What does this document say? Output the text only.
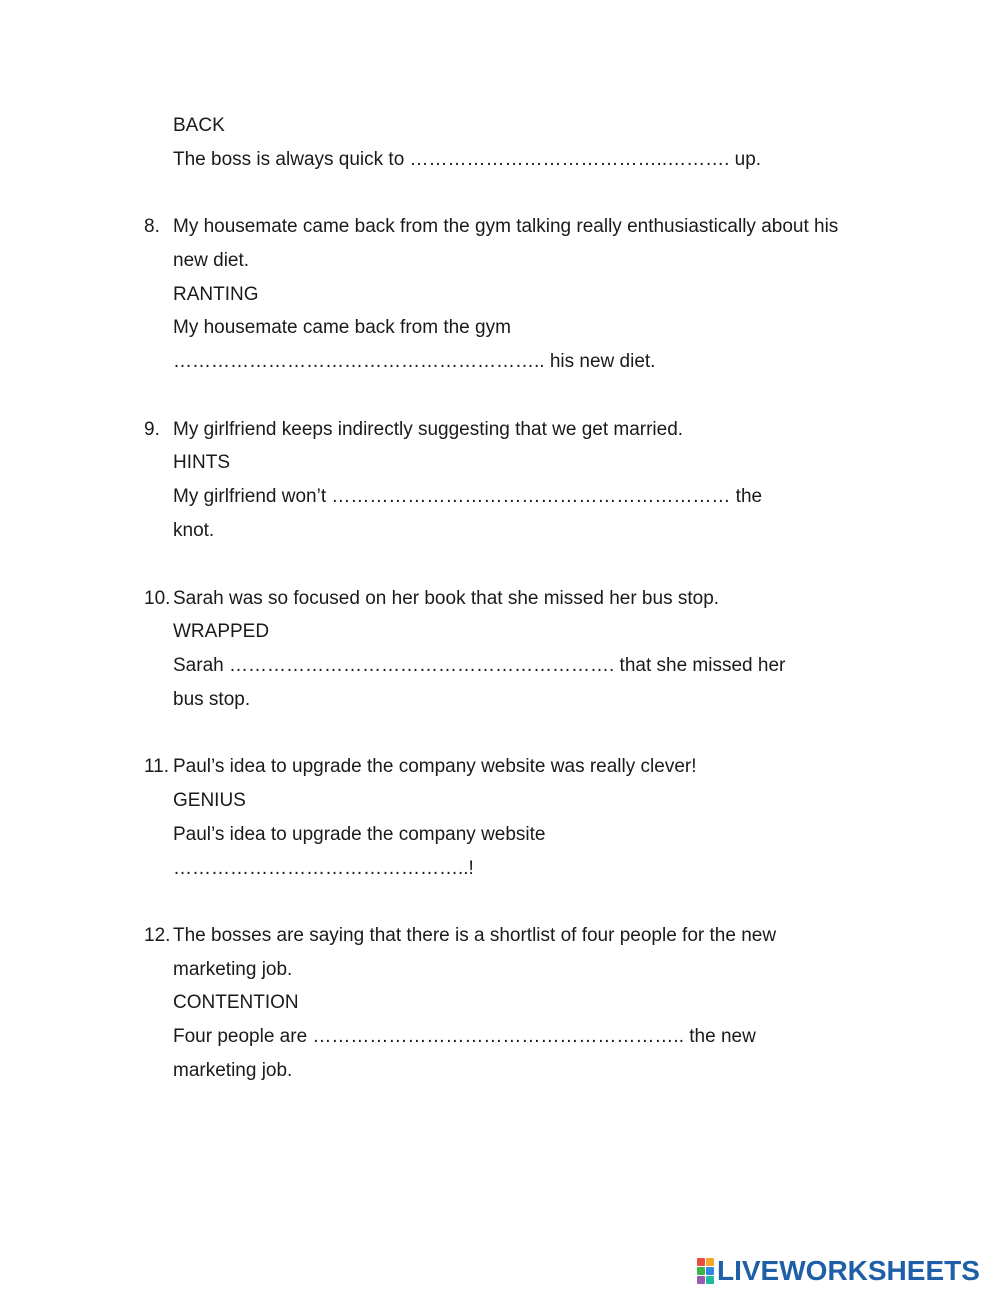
BACK
The boss is always quick to …………………………………..………. up.
8. My housemate came back from the gym talking really enthusiastically about his
new diet.
RANTING
My housemate came back from the gym
………………………………………………….. his new diet.
9. My girlfriend keeps indirectly suggesting that we get married.
HINTS
My girlfriend won’t ……………………………………………………… the
knot.
10. Sarah was so focused on her book that she missed her bus stop.
WRAPPED
Sarah ……………………………………………………. that she missed her
bus stop.
11. Paul’s idea to upgrade the company website was really clever!
GENIUS
Paul’s idea to upgrade the company website
………………………………………..!
12. The bosses are saying that there is a shortlist of four people for the new
marketing job.
CONTENTION
Four people are ………………………………………………….. the new
marketing job.
LIVEWORKSHEETS
